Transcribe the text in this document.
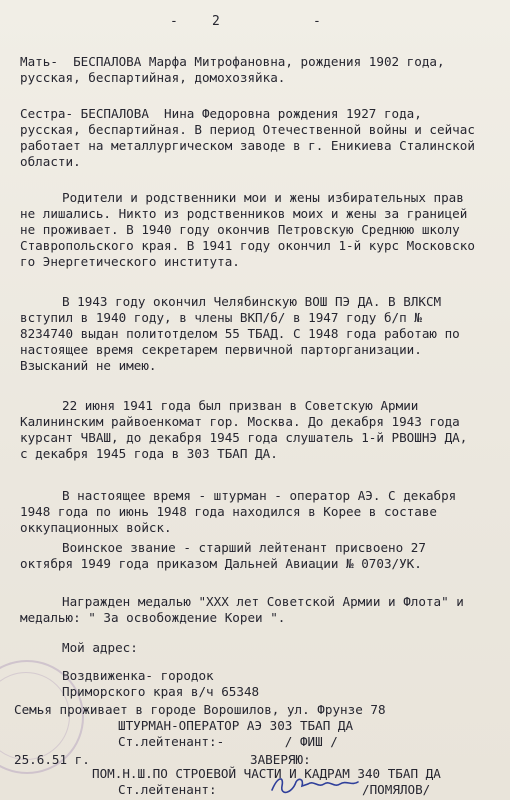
-	2	-
Мать-  БЕСПАЛОВА Марфа Митрофановна, рождения 1902 года,
русская, беспартийная, домохозяйка.
Сестра- БЕСПАЛОВА  Нина Федоровна рождения 1927 года,
русская, беспартийная. В период Отечественной войны и сейчас
работает на металлургическом заводе в г. Еникиева Сталинской
области.
Родители и родственники мои и жены избирательных прав
не лишались. Никто из родственников моих и жены за границей
не проживает. В 1940 году окончив Петровскую Среднюю школу
Ставропольского края. В 1941 году окончил 1-й курс Московско
го Энергетического института.
В 1943 году окончил Челябинскую ВОШ ПЭ ДА. В ВЛКСМ
вступил в 1940 году, в члены ВКП/б/ в 1947 году б/п №
8234740 выдан политотделом 55 ТБАД. С 1948 года работаю по
настоящее время секретарем первичной парторганизации.
Взысканий не имею.
22 июня 1941 года был призван в Советскую Армии
Калининским райвоенкомат гор. Москва. До декабря 1943 года
курсант ЧВАШ, до декабря 1945 года слушатель 1-й РВОШНЭ ДА,
с декабря 1945 года в 303 ТБАП ДА.
В настоящее время - штурман - оператор АЭ. С декабря
1948 года по июнь 1948 года находился в Корее в составе
оккупационных войск.
Воинское звание - старший лейтенант присвоено 27
октября 1949 года приказом Дальней Авиации № 0703/УК.
Награжден медалью "XXX лет Советской Армии и Флота" и
медалью: " За освобождение Кореи ".
Мой адрес:
Воздвиженка- городок
Приморского края в/ч 65348
Семья проживает в городе Ворошилов, ул. Фрунзе 78
ШТУРМАН-ОПЕРАТОР АЭ 303 ТБАП ДА
Ст.лейтенант:-        / ФИШ /
25.6.51 г.	ЗАВЕРЯЮ:
ПОМ.Н.Ш.ПО СТРОЕВОЙ ЧАСТИ И КАДРАМ 340 ТБАП ДА
Ст.лейтенант:	/ПОМЯЛОВ/
